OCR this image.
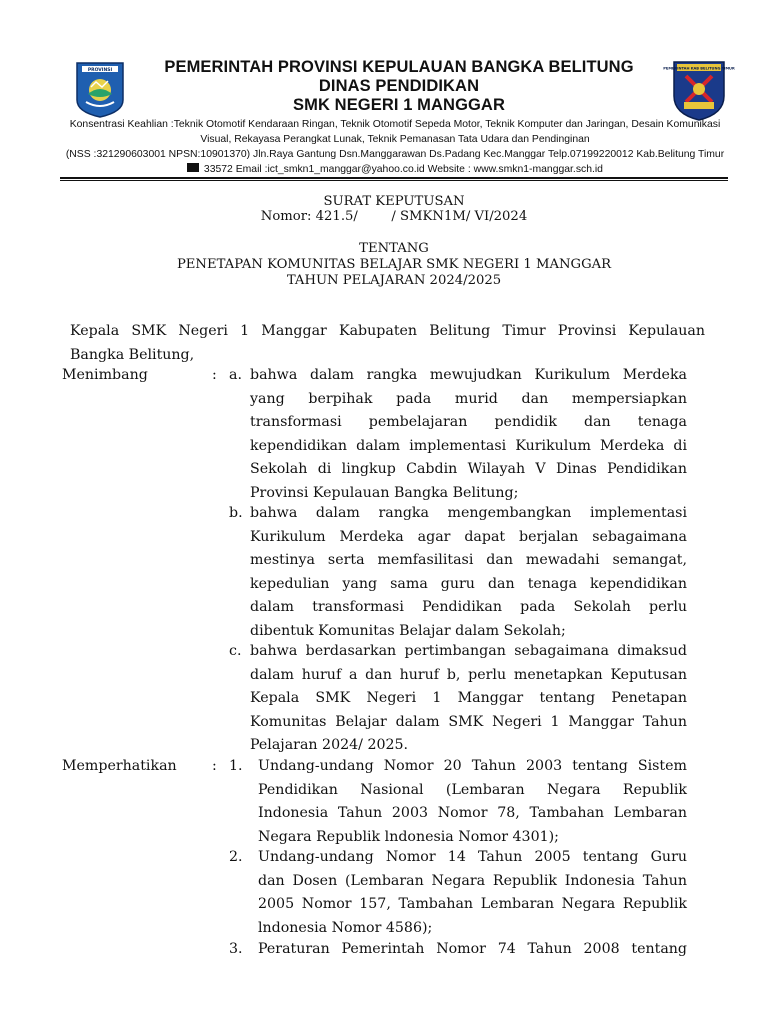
PROVINSI	PEMERINTAH PROVINSI KEPULAUAN BANGKA BELITUNG
DINAS PENDIDIKAN
SMK NEGERI 1 MANGGAR
PEMERINTAH KAB BELITUNG TIMUR
Konsentrasi Keahlian :Teknik Otomotif Kendaraan Ringan, Teknik Otomotif Sepeda Motor, Teknik Komputer dan Jaringan, Desain Komunikasi
Visual, Rekayasa Perangkat Lunak, Teknik Pemanasan Tata Udara dan Pendinginan
(NSS :321290603001 NPSN:10901370) Jln.Raya Gantung Dsn.Manggarawan Ds.Padang Kec.Manggar Telp.07199220012 Kab.Belitung Timur
33572 Email :ict_smkn1_manggar@yahoo.co.id Website : www.smkn1-manggar.sch.id
SURAT KEPUTUSAN
Nomor: 421.5/        / SMKN1M/ VI/2024
TENTANG
PENETAPAN KOMUNITAS BELAJAR SMK NEGERI 1 MANGGAR
TAHUN PELAJARAN 2024/2025
Kepala SMK Negeri 1 Manggar Kabupaten Belitung Timur Provinsi Kepulauan
Bangka Belitung,
Menimbang	: a. bahwa dalam rangka mewujudkan Kurikulum Merdeka
yang berpihak pada murid dan mempersiapkan
transformasi pembelajaran pendidik dan tenaga
kependidikan dalam implementasi Kurikulum Merdeka di
Sekolah di lingkup Cabdin Wilayah V Dinas Pendidikan
Provinsi Kepulauan Bangka Belitung;
b. bahwa dalam rangka mengembangkan implementasi
Kurikulum Merdeka agar dapat berjalan sebagaimana
mestinya serta memfasilitasi dan mewadahi semangat,
kepedulian yang sama guru dan tenaga kependidikan
dalam transformasi Pendidikan pada Sekolah perlu
dibentuk Komunitas Belajar dalam Sekolah;
c. bahwa berdasarkan pertimbangan sebagaimana dimaksud
dalam huruf a dan huruf b, perlu menetapkan Keputusan
Kepala SMK Negeri 1 Manggar tentang Penetapan
Komunitas Belajar dalam SMK Negeri 1 Manggar Tahun
Pelajaran 2024/ 2025.
Memperhatikan : 1. Undang-undang Nomor 20 Tahun 2003 tentang Sistem
Pendidikan Nasional (Lembaran Negara Republik
Indonesia Tahun 2003 Nomor 78, Tambahan Lembaran
Negara Republik lndonesia Nomor 4301);
2. Undang-undang Nomor 14 Tahun 2005 tentang Guru
dan Dosen (Lembaran Negara Republik Indonesia Tahun
2005 Nomor 157, Tambahan Lembaran Negara Republik
lndonesia Nomor 4586);
3. Peraturan Pemerintah Nomor 74 Tahun 2008 tentang
